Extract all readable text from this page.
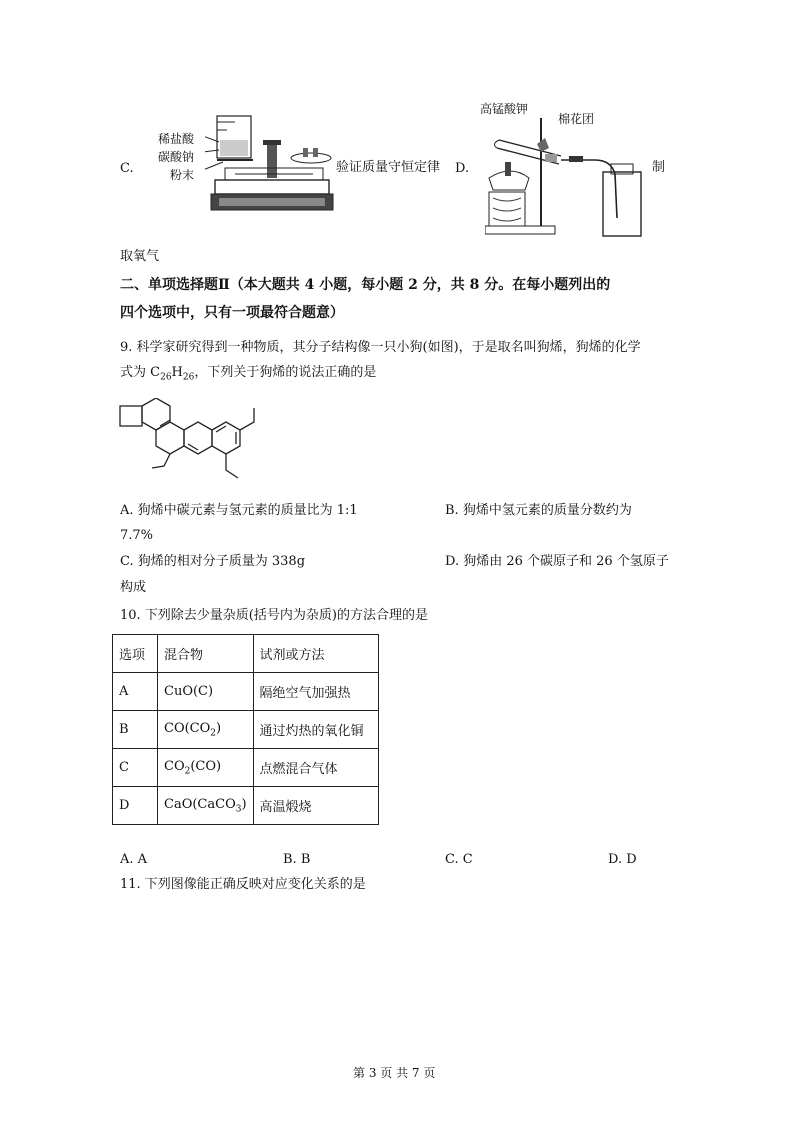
C.
稀盐酸
碳酸钠
粉末	验证质量守恒定律 D.
高锰酸钾
棉花团
制
取氧气
二、单项选择题Ⅱ（本大题共 4 小题，每小题 2 分，共 8 分。在每小题列出的
四个选项中，只有一项最符合题意）
9. 科学家研究得到一种物质，其分子结构像一只小狗(如图)，于是取名叫狗烯，狗烯的化学
式为 $C_{26}H_{26}$，下列关于狗烯的说法正确的是
A. 狗烯中碳元素与氢元素的质量比为 1:1	B. 狗烯中氢元素的质量分数约为
7.7%
C. 狗烯的相对分子质量为 338g	D. 狗烯由 26 个碳原子和 26 个氢原子
构成
10. 下列除去少量杂质(括号内为杂质)的方法合理的是
选项	混合物	试剂或方法
A	CuO(C)	隔绝空气加强热
B	$CO(CO_2)$	通过灼热的氧化铜
C	$CO_2(CO)$	点燃混合气体
D	CaO(CaCO$_3$)	高温煅烧
A. A	B. B	C. C	D. D
11. 下列图像能正确反映对应变化关系的是
第 3 页 共 7 页
